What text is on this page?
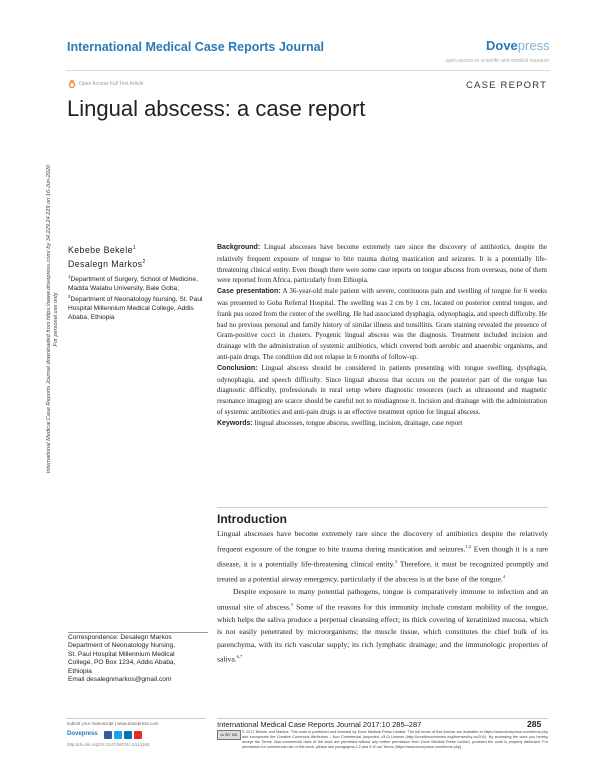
International Medical Case Reports Journal	Dovepress
open access to scientific and medical research
Open Access Full Text Article	CASE REPORT
Lingual abscess: a case report
International Medical Case Reports Journal downloaded from https://www.dovepress.com/ by 34.229.24.229 on 16-Jun-2020 For personal use only.
Kebebe Bekele$^1$
Desalegn Markos$^2$
$^1$Department of Surgery, School of Medicine, Madda Walabu University, Bale Goba; $^2$Department of Neonatology Nursing, St. Paul Hospital Millennium Medical College, Addis Ababa, Ethiopia
Background: Lingual abscesses have become extremely rare since the discovery of antibiotics, despite the relatively frequent exposure of tongue to bite trauma during mastication and seizures. It is a potentially life-threatening clinical entity. Even though there were some case reports on tongue abscess from overseas, none of them were reported from Africa, particularly from Ethiopia.
Case presentation: A 36-year-old male patient with severe, continuous pain and swelling of tongue for 6 weeks was presented to Goba Referral Hospital. The swelling was 2 cm by 1 cm, located on posterior central tongue, and frank pus oozed from the center of the swelling. He had associated dysphagia, odynophagia, and speech difficulty. He had no previous personal and family history of similar illness and tonsillitis. Gram staining revealed the presence of Gram-positive cocci in clusters. Pyogenic lingual abscess was the diagnosis. Treatment included incision and drainage with the administration of systemic antibiotics, which covered both aerobic and anaerobic organisms, and anti-pain drugs. The condition did not relapse in 6 months of follow-up.
Conclusion: Lingual abscess should be considered in patients presenting with tongue swelling, dysphagia, odynophagia, and speech difficulty. Since lingual abscess that occurs on the posterior part of the tongue has diagnostic difficulty, professionals in rural setup where diagnostic resources (such as ultrasound and magnetic resonance imaging) are scarce should be careful not to misdiagnose it. Incision and drainage with the administration of systemic antibiotics and anti-pain drugs is an effective treatment option for lingual abscess.
Keywords: lingual abscesses, tongue abscess, swelling, incision, drainage, case report
Introduction

Lingual abscesses have become extremely rare since the discovery of antibiotics despite the relatively frequent exposure of the tongue to bite trauma during mastication and seizures.$^{1,2}$ Even though it is a rare disease, it is a potentially life-threatening clinical entity.$^3$ Therefore, it must be recognized promptly and treated as a potential airway emergency, particularly if the abscess is at the base of the tongue.$^4$

Despite exposure to many potential pathogens, tongue is comparatively immune to infection and an unusual site of abscess.$^5$ Some of the reasons for this immunity include constant mobility of the tongue, which helps the saliva produce a perpetual cleansing effect; its thick covering of keratinized mucosa, which is not easily penetrated by microorganisms; the muscle tissue, which constitutes the chief bulk of its parenchyma, with its rich vascular supply; its rich lymphatic drainage; and the immunologic properties of saliva.$^{6,7}$

Correspondence: Desalegn Markos
Department of Neonatology Nursing,
St. Paul Hospital Millennium Medical
College, PO Box 1234, Addis Ababa,
Ethiopia
Email desalegnmarkos@gmail.com
submit your manuscript | www.dovepress.com
Dovepress
http://dx.doi.org/10.2147/IMCRJ.S114165
International Medical Case Reports Journal 2017:10 285–287	285
cc BY NC	© 2017 Bekele and Markos. This work is published and licensed by Dove Medical Press Limited. The full terms of this license are available at https://www.dovepress.com/terms.php and incorporate the Creative Commons Attribution – Non Commercial (unported, v3.0) License (http://creativecommons.org/licenses/by-nc/3.0/). By accessing the work you hereby accept the Terms. Non-commercial uses of the work are permitted without any further permission from Dove Medical Press Limited, provided the work is properly attributed. For permission for commercial use of this work, please see paragraphs 4.2 and 5 of our Terms (https://www.dovepress.com/terms.php).
